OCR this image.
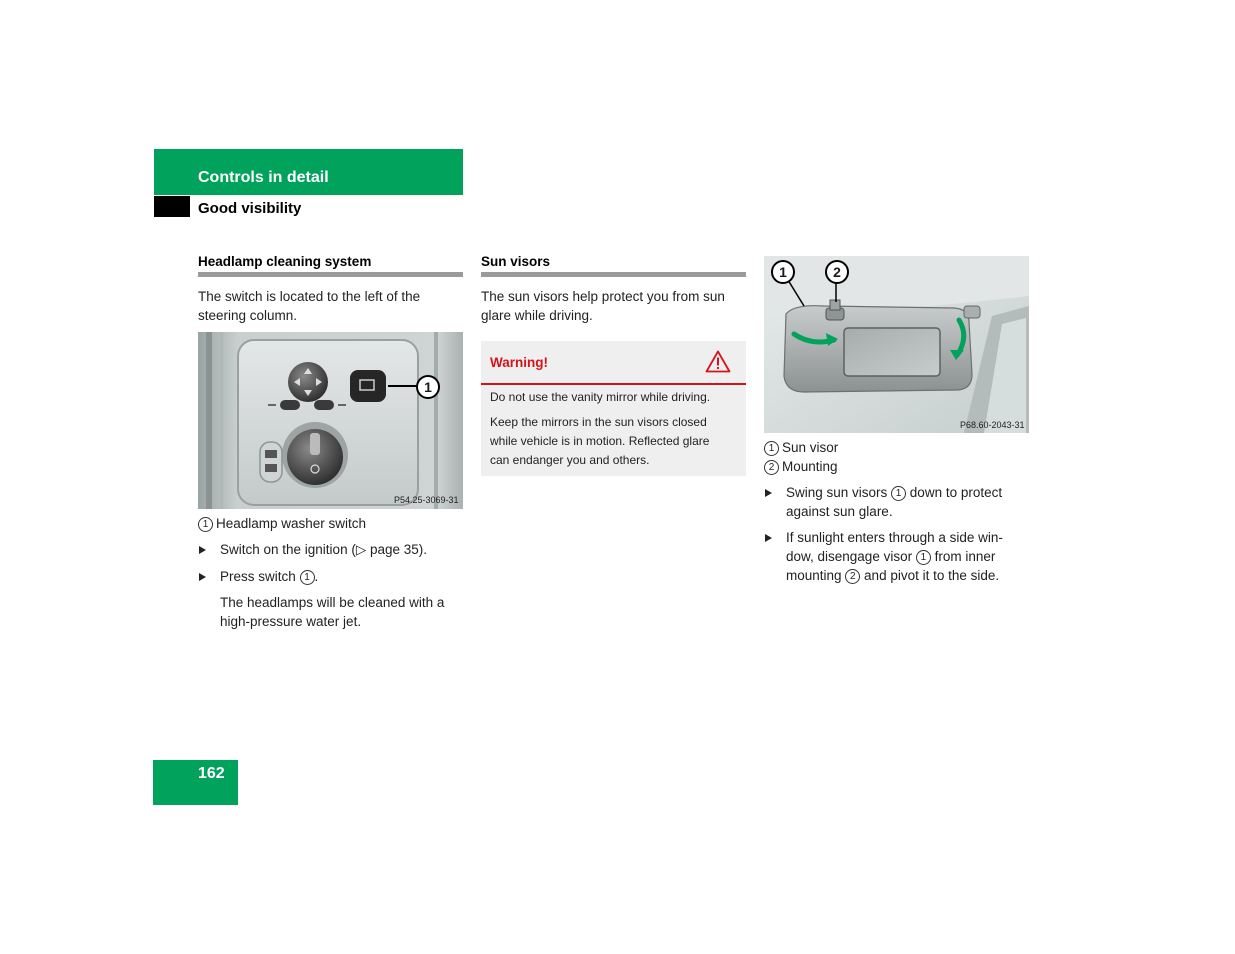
Controls in detail
Good visibility
Headlamp cleaning system
The switch is located to the left of the
steering column.
1
P54.25-3069-31
1 Headlamp washer switch
Switch on the ignition (▷ page 35).
Press switch 1 .
The headlamps will be cleaned with a
high-pressure water jet.
Sun visors
The sun visors help protect you from sun
glare while driving.
Warning!
Do not use the vanity mirror while driving.
Keep the mirrors in the sun visors closed
while vehicle is in motion. Reflected glare
can endanger you and others.
1	2
P68.60-2043-31
1 Sun visor
2 Mounting
Swing sun visors 1 down to protect
against sun glare.
If sunlight enters through a side win-
dow, disengage visor 1 from inner
mounting 2 and pivot it to the side.
162
